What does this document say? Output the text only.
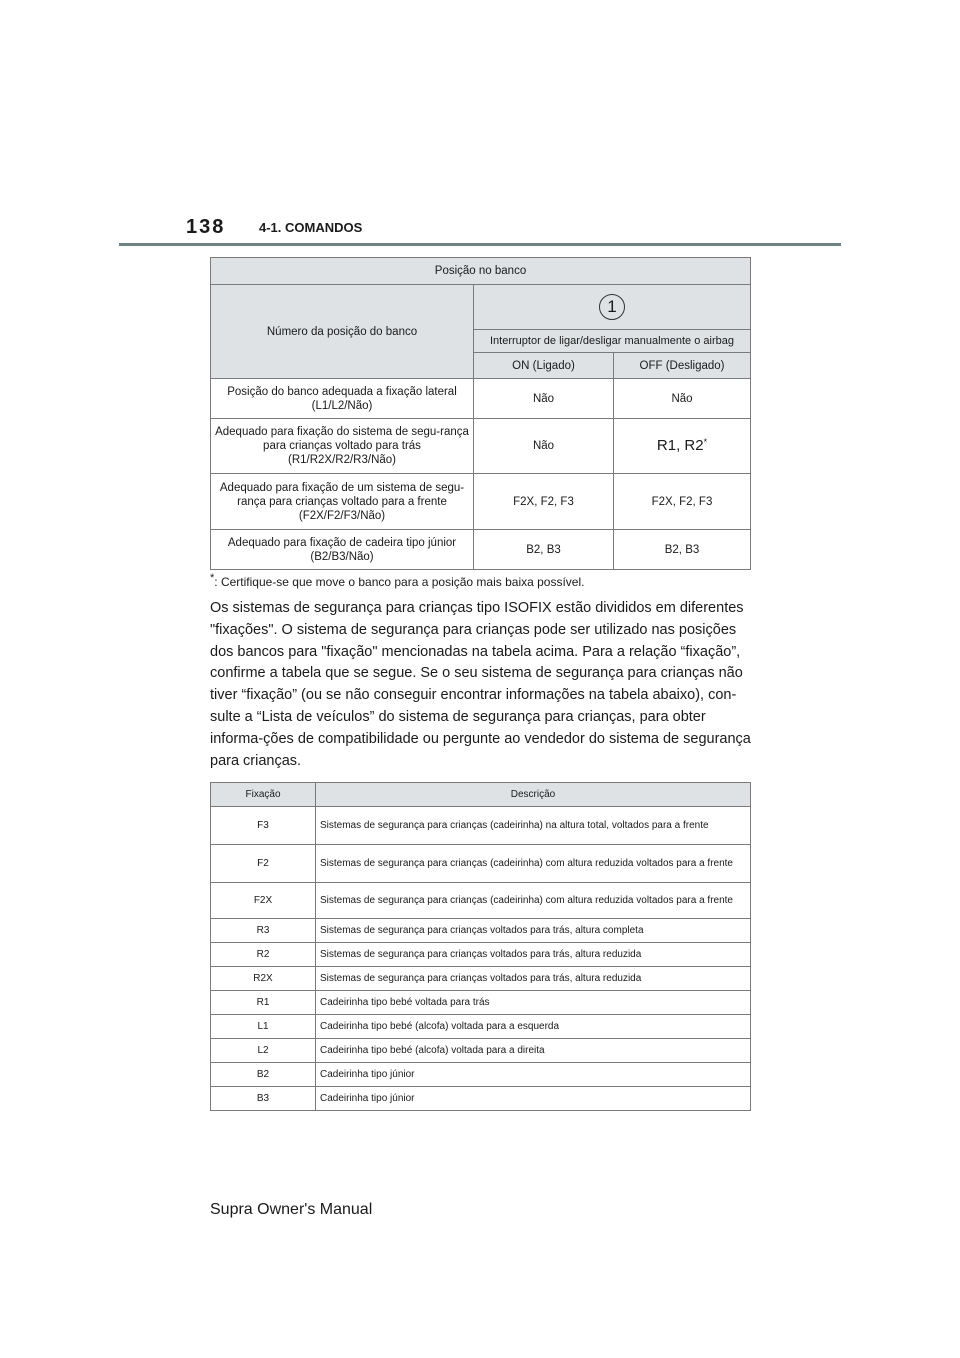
138	4-1. COMANDOS
Posição no banco		
Número da posição do banco	1	
	Interruptor de ligar/desligar manualmente o airbag	
	ON (Ligado)	OFF (Desligado)
Posição do banco adequada a fixação lateral (L1/L2/Não)	Não	Não
Adequado para fixação do sistema de segu-rança para crianças voltado para trás (R1/R2X/R2/R3/Não)	Não	R1, R2*
Adequado para fixação de um sistema de segu-rança para crianças voltado para a frente (F2X/F2/F3/Não)	F2X, F2, F3	F2X, F2, F3
Adequado para fixação de cadeira tipo júnior (B2/B3/Não)	B2, B3	B2, B3
*: Certifique-se que move o banco para a posição mais baixa possível.

Os sistemas de segurança para crianças tipo ISOFIX estão divididos em diferentes "fixações". O sistema de segurança para crianças pode ser utilizado nas posições dos bancos para "fixação" mencionadas na tabela acima. Para a relação “fixação”, confirme a tabela que se segue. Se o seu sistema de segurança para crianças não tiver “fixação” (ou se não conseguir encontrar informações na tabela abaixo), con-sulte a “Lista de veículos” do sistema de segurança para crianças, para obter informa-ções de compatibilidade ou pergunte ao vendedor do sistema de segurança para crianças.

Fixação	Descrição
F3	Sistemas de segurança para crianças (cadeirinha) na altura total, voltados para a frente
F2	Sistemas de segurança para crianças (cadeirinha) com altura reduzida voltados para a frente
F2X	Sistemas de segurança para crianças (cadeirinha) com altura reduzida voltados para a frente
R3	Sistemas de segurança para crianças voltados para trás, altura completa
R2	Sistemas de segurança para crianças voltados para trás, altura reduzida
R2X	Sistemas de segurança para crianças voltados para trás, altura reduzida
R1	Cadeirinha tipo bebé voltada para trás
L1	Cadeirinha tipo bebé (alcofa) voltada para a esquerda
L2	Cadeirinha tipo bebé (alcofa) voltada para a direita
B2	Cadeirinha tipo júnior
B3	Cadeirinha tipo júnior
Supra Owner's Manual
